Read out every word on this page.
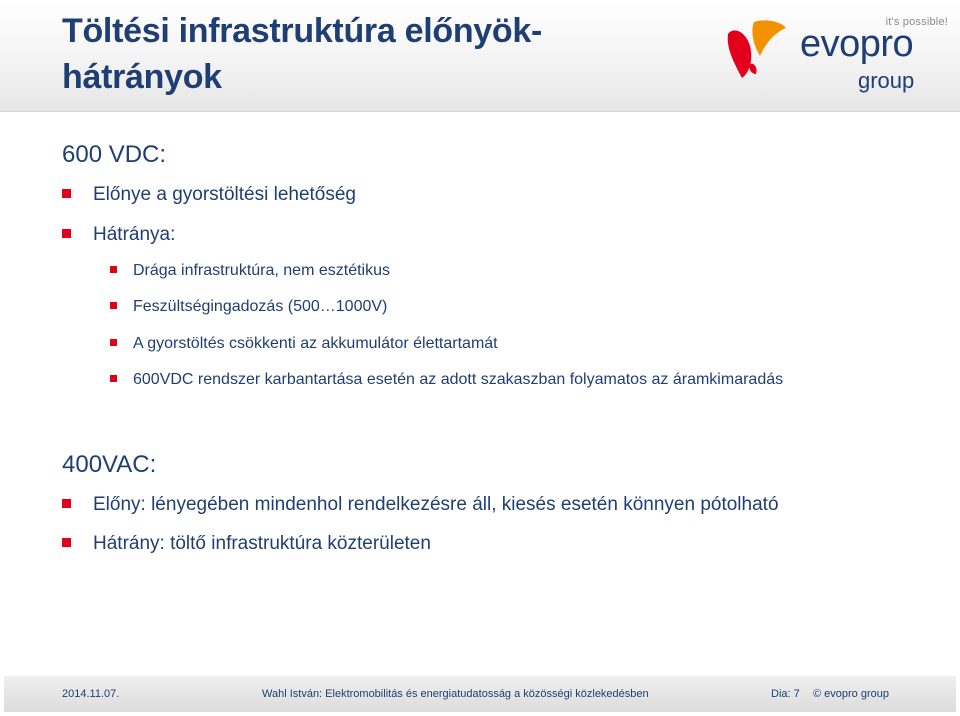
Töltési infrastruktúra előnyök-hátrányok
it's possible!
evopro
group
600 VDC:
Előnye a gyorstöltési lehetőség
Hátránya:
Drága infrastruktúra, nem esztétikus
Feszültségingadozás (500…1000V)
A gyorstöltés csökkenti az akkumulátor élettartamát
600VDC rendszer karbantartása esetén az adott szakaszban folyamatos az áramkimaradás
400VAC:
Előny: lényegében mindenhol rendelkezésre áll, kiesés esetén könnyen pótolható
Hátrány: töltő infrastruktúra közterületen
2014.11.07.	Wahl István: Elektromobilitás és energiatudatosság a közösségi közlekedésben	Dia: 7 © evopro group
